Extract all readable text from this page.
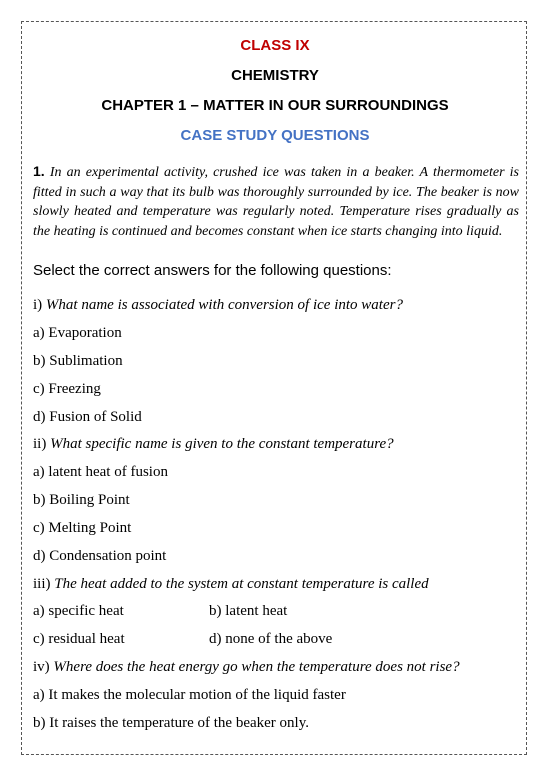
CLASS IX
CHEMISTRY
CHAPTER 1 – MATTER IN OUR SURROUNDINGS
CASE STUDY QUESTIONS
1. In an experimental activity, crushed ice was taken in a beaker. A thermometer is fitted in such a way that its bulb was thoroughly surrounded by ice. The beaker is now slowly heated and temperature was regularly noted. Temperature rises gradually as the heating is continued and becomes constant when ice starts changing into liquid.
Select the correct answers for the following questions:
i) What name is associated with conversion of ice into water?
a) Evaporation
b) Sublimation
c) Freezing
d) Fusion of Solid
ii) What specific name is given to the constant temperature?
a) latent heat of fusion
b) Boiling Point
c) Melting Point
d) Condensation point
iii) The heat added to the system at constant temperature is called
a) specific heat	b) latent heat
c) residual heat	d) none of the above
iv) Where does the heat energy go when the temperature does not rise?
a) It makes the molecular motion of the liquid faster
b) It raises the temperature of the beaker only.
